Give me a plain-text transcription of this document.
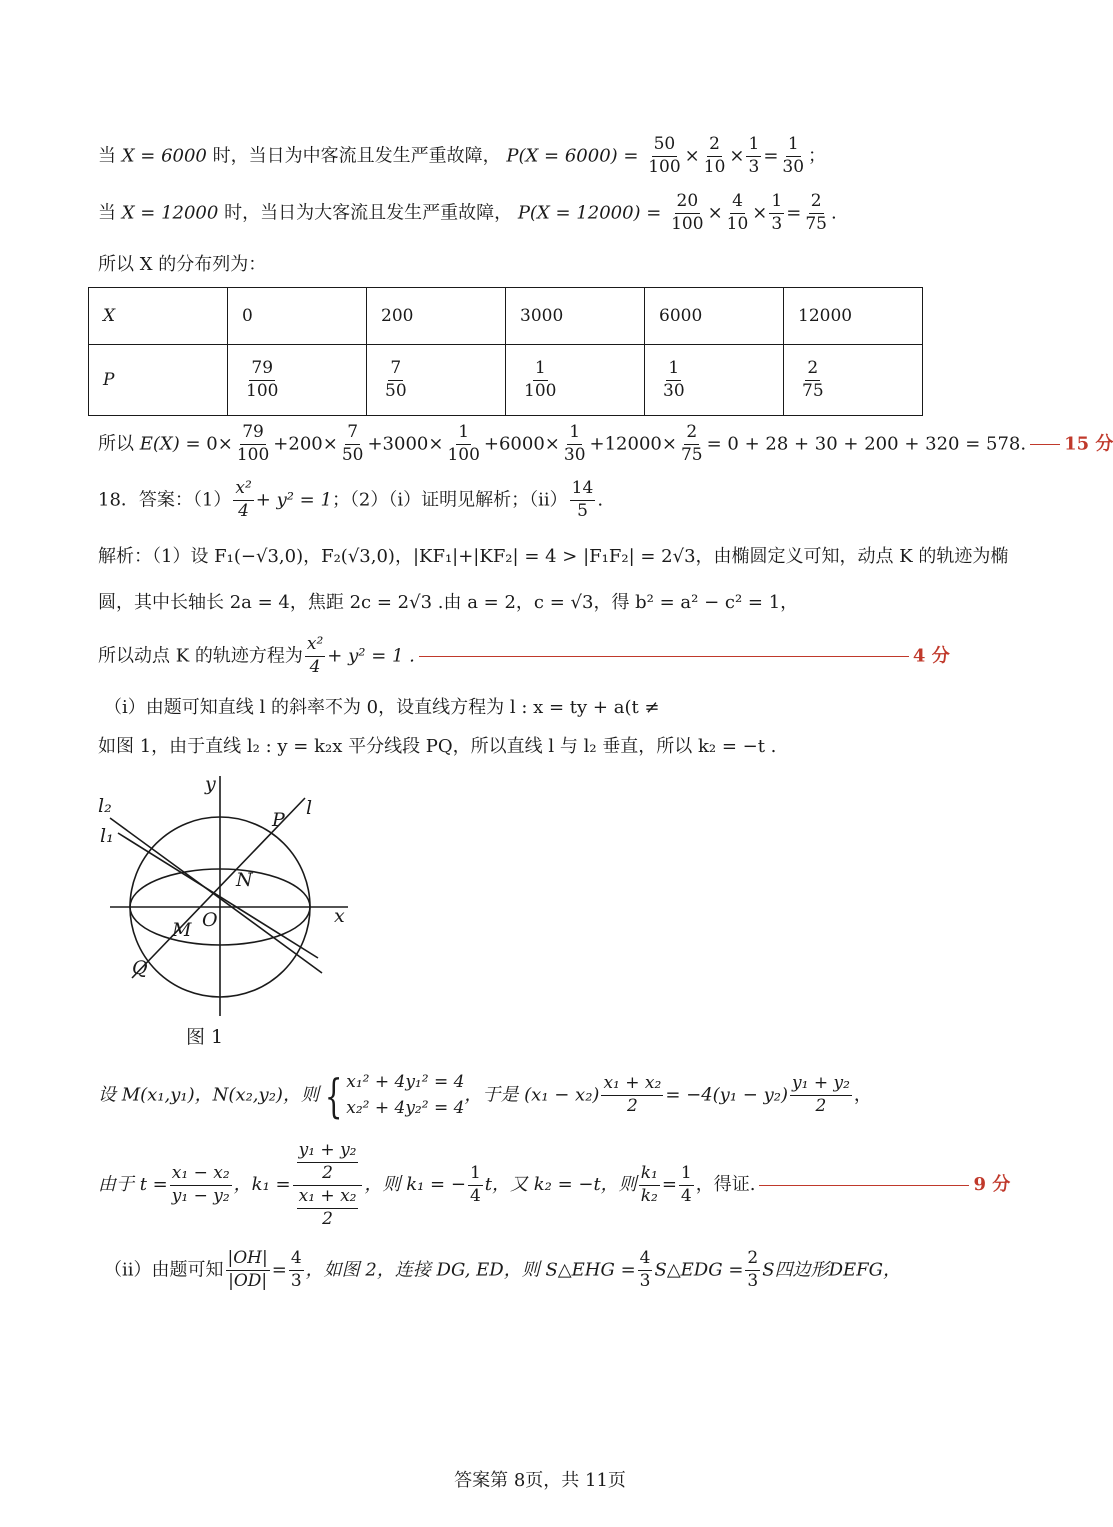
当 X = 6000 时，当日为中客流且发生严重故障， $P(X = 6000) = \frac{50}{100} \times \frac{2}{10} \times \frac{1}{3} = \frac{1}{30}$ ；
当 X = 12000 时，当日为大客流且发生严重故障， $P(X = 12000) = \frac{20}{100} \times \frac{4}{10} \times \frac{1}{3} = \frac{2}{75}$ .
所以 X 的分布列为：
X	0	200	3000	6000	12000
P	$\frac{79}{100}$	$\frac{7}{50}$	$\frac{1}{100}$	$\frac{1}{30}$	$\frac{2}{75}$
所以 $E(X) = 0\times \frac{79}{100} +200\times \frac{7}{50} +3000\times \frac{1}{100} +6000\times \frac{1}{30} +12000\times \frac{2}{75} = 0 + 28 + 30 + 200 + 320 = 578$. 15 分
18．答案：$(1) \frac{\text{x²}}{4} + y^2 = 1$；（2）（i）证明见解析；$(ii) \frac{14}{5}$ .
解析：（1）设 F₁(−√3,0)，F₂(√3,0)，|KF₁|+|KF₂| = 4 > |F₁F₂| = 2√3，由椭圆定义可知，动点 K 的轨迹为椭
圆，其中长轴长 2a = 4，焦距 2c = 2√3 .由 a = 2，c = √3，得 b² = a² − c² = 1，
所以动点 K 的轨迹方程为 $\frac{\text{x²}}{4} + y^2 = 1$ .	4 分
（i）由题可知直线 l 的斜率不为 0，设直线方程为 l : x = ty + a(t ≠
如图 1，由于直线 l₂ : y = k₂x 平分线段 PQ，所以直线 l 与 l₂ 垂直，所以 k₂ = −t .
y
x
l₂
l₁
P
l
N
O
M
Q
图 1
设 M(x₁,y₁)，N(x₂,y₂)，则 { x₁² + 4y₁² = 4
x₂² + 4y₂² = 4
，于是 $(x_1 - x_2) \frac{\text{x₁ + x₂}}{2} = -4(y_1 - y_2) \frac{\text{y₁ + y₂}}{2}$ ，
由于 $t = \frac{\text{x₁ − x₂}}{\text{y₁ − y₂}}$ ，$k_1 = \frac{\frac{\text{y₁ + y₂}}{2}}{\frac{\text{x₁ + x₂}}{2}}$ ，则 k₁ = − $\frac{1}{4}$ t，又 k₂ = −t，则 $\frac{\text{k₁}}{\text{k₂}} = \frac{1}{4}$ ，得证.	9 分
（ii）由题可知 $\frac{|OH|}{|OD|} = \frac{4}{3}$ ，如图 2，连接 DG, ED，则 S△EHG = $\frac{4}{3}$ S△EDG = $\frac{2}{3}$ S四边形DEFG，
答案第 8页，共 11页
